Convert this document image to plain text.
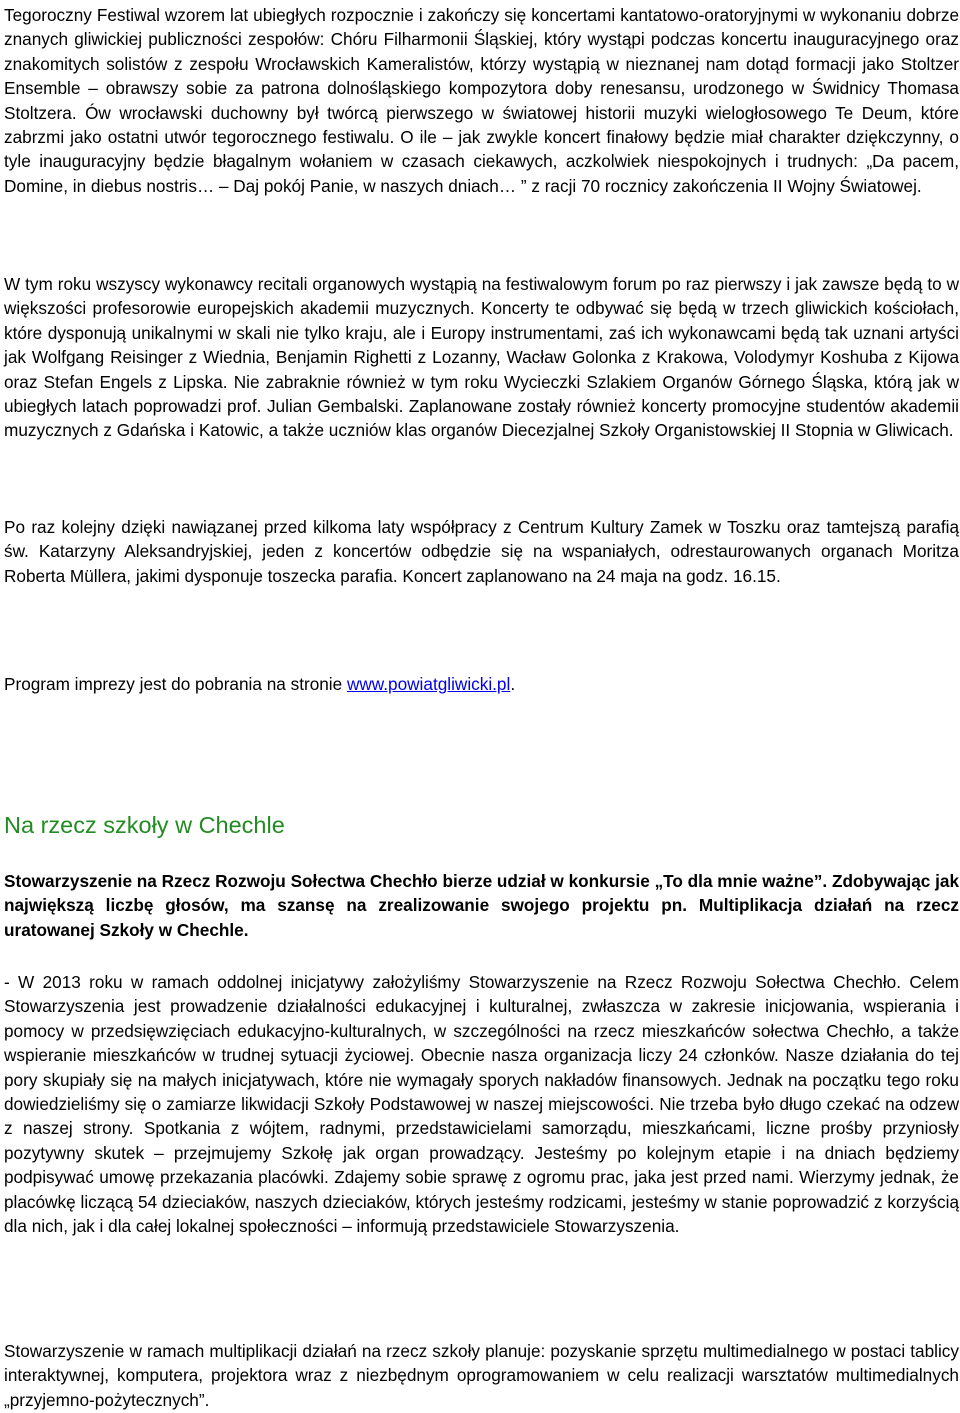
Tegoroczny Festiwal wzorem lat ubiegłych rozpocznie i zakończy się koncertami kantatowo-oratoryjnymi w wykonaniu dobrze znanych gliwickiej publiczności zespołów: Chóru Filharmonii Śląskiej, który wystąpi podczas koncertu inauguracyjnego oraz znakomitych solistów z zespołu Wrocławskich Kameralistów, którzy wystąpią w nieznanej nam dotąd formacji jako Stoltzer Ensemble – obrawszy sobie za patrona dolnośląskiego kompozytora doby renesansu, urodzonego w Świdnicy Thomasa Stoltzera. Ów wrocławski duchowny był twórcą pierwszego w światowej historii muzyki wielogłosowego Te Deum, które zabrzmi jako ostatni utwór tegorocznego festiwalu. O ile – jak zwykle koncert finałowy będzie miał charakter dziękczynny, o tyle inauguracyjny będzie błagalnym wołaniem w czasach ciekawych, aczkolwiek niespokojnych i trudnych: „Da pacem, Domine, in diebus nostris… – Daj pokój Panie, w naszych dniach… ” z racji 70 rocznicy zakończenia II Wojny Światowej.

W tym roku wszyscy wykonawcy recitali organowych wystąpią na festiwalowym forum po raz pierwszy i jak zawsze będą to w większości profesorowie europejskich akademii muzycznych. Koncerty te odbywać się będą w trzech gliwickich kościołach, które dysponują unikalnymi w skali nie tylko kraju, ale i Europy instrumentami, zaś ich wykonawcami będą tak uznani artyści jak Wolfgang Reisinger z Wiednia, Benjamin Righetti z Lozanny, Wacław Golonka z Krakowa, Volodymyr Koshuba z Kijowa oraz Stefan Engels z Lipska. Nie zabraknie również w tym roku Wycieczki Szlakiem Organów Górnego Śląska, którą jak w ubiegłych latach poprowadzi prof. Julian Gembalski. Zaplanowane zostały również koncerty promocyjne studentów akademii muzycznych z Gdańska i Katowic, a także uczniów klas organów Diecezjalnej Szkoły Organistowskiej II Stopnia w Gliwicach.

Po raz kolejny dzięki nawiązanej przed kilkoma laty współpracy z Centrum Kultury Zamek w Toszku oraz tamtejszą parafią św. Katarzyny Aleksandryjskiej, jeden z koncertów odbędzie się na wspaniałych, odrestaurowanych organach Moritza Roberta Müllera, jakimi dysponuje toszecka parafia. Koncert zaplanowano na 24 maja na godz. 16.15.

Program imprezy jest do pobrania na stronie www.powiatgliwicki.pl.

Na rzecz szkoły w Chechle

Stowarzyszenie na Rzecz Rozwoju Sołectwa Chechło bierze udział w konkursie „To dla mnie ważne”. Zdobywając jak największą liczbę głosów, ma szansę na zrealizowanie swojego projektu pn. Multiplikacja działań na rzecz uratowanej Szkoły w Chechle.

- W 2013 roku w ramach oddolnej inicjatywy założyliśmy Stowarzyszenie na Rzecz Rozwoju Sołectwa Chechło. Celem Stowarzyszenia jest prowadzenie działalności edukacyjnej i kulturalnej, zwłaszcza w zakresie inicjowania, wspierania i pomocy w przedsięwzięciach edukacyjno-kulturalnych, w szczególności na rzecz mieszkańców sołectwa Chechło, a także wspieranie mieszkańców w trudnej sytuacji życiowej. Obecnie nasza organizacja liczy 24 członków. Nasze działania do tej pory skupiały się na małych inicjatywach, które nie wymagały sporych nakładów finansowych. Jednak na początku tego roku dowiedzieliśmy się o zamiarze likwidacji Szkoły Podstawowej w naszej miejscowości. Nie trzeba było długo czekać na odzew z naszej strony. Spotkania z wójtem, radnymi, przedstawicielami samorządu, mieszkańcami, liczne prośby przyniosły pozytywny skutek – przejmujemy Szkołę jak organ prowadzący. Jesteśmy po kolejnym etapie i na dniach będziemy podpisywać umowę przekazania placówki. Zdajemy sobie sprawę z ogromu prac, jaka jest przed nami. Wierzymy jednak, że placówkę liczącą 54 dzieciaków, naszych dzieciaków, których jesteśmy rodzicami, jesteśmy w stanie poprowadzić z korzyścią dla nich, jak i dla całej lokalnej społeczności – informują przedstawiciele Stowarzyszenia.

Stowarzyszenie w ramach multiplikacji działań na rzecz szkoły planuje: pozyskanie sprzętu multimedialnego w postaci tablicy interaktywnej, komputera, projektora wraz z niezbędnym oprogramowaniem w celu realizacji warsztatów multimedialnych „przyjemno-pożytecznych”.
